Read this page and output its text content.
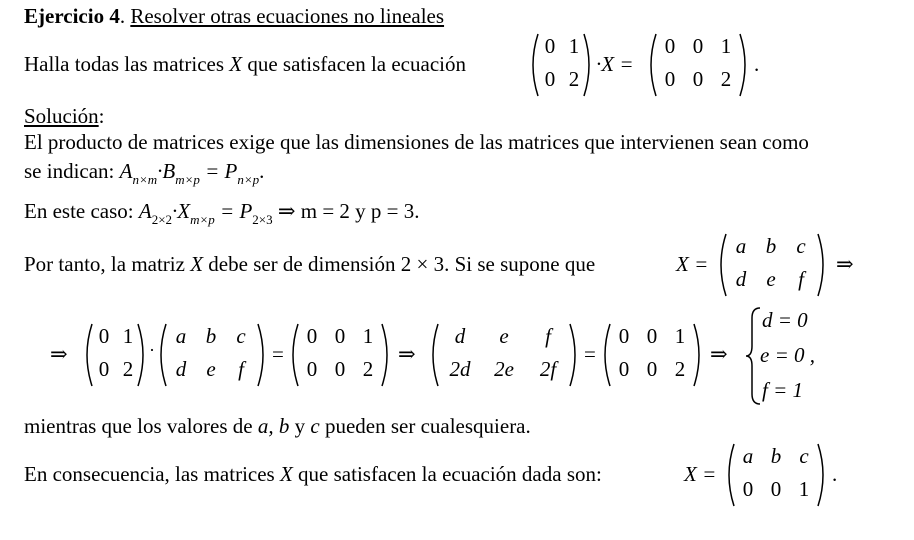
Ejercicio 4. Resolver otras ecuaciones no lineales
Halla todas las matrices X que satisfacen la ecuación
0 1
0 2
·X =
0 0 1
0 0 2
.
Solución:
El producto de matrices exige que las dimensiones de las matrices que intervienen sean como
se indican: $A_{n\times m}\cdot B_{m\times p} = P_{n\times p}$.
En este caso: $A_{2\times 2}\cdot X_{m\times p} = P_{2\times 3}$ ⇒ m = 2 y p = 3.
Por tanto, la matriz X debe ser de dimensión 2 × 3. Si se supone que	X =
a b c
d e	f
⇒
⇒
0 1
0 2
·
a b c
d e	f
=
0 0 1
0 0 2
⇒
d	e	f
2d	2e	2f
=
0 0 1
0 0 2
⇒
d = 0
e = 0 ,
f = 1
mientras que los valores de a, b y c pueden ser cualesquiera.
En consecuencia, las matrices X que satisfacen la ecuación dada son:	X =
a b c
0 0 1
.
